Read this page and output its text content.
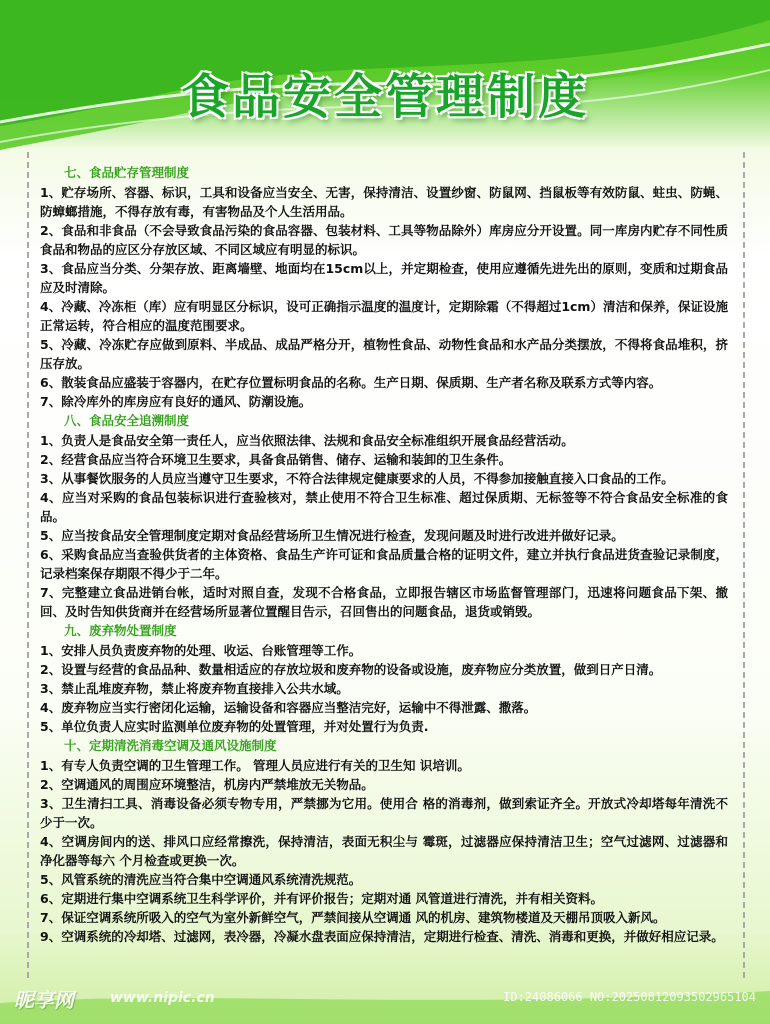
食品安全管理制度

七、食品贮存管理制度

1、贮存场所、容器、标识，工具和设备应当安全、无害，保持清洁、设置纱窗、防鼠网、挡鼠板等有效防鼠、蛀虫、防蝇、防蟑螂措施，不得存放有毒，有害物品及个人生活用品。

2、食品和非食品（不会导致食品污染的食品容器、包装材料、工具等物品除外）库房应分开设置。同一库房内贮存不同性质食品和物品的应区分存放区域、不同区域应有明显的标识。

3、食品应当分类、分架存放、距离墙壁、地面均在15cm以上，并定期检查，使用应遵循先进先出的原则，变质和过期食品应及时清除。

4、冷藏、冷冻柜（库）应有明显区分标识，设可正确指示温度的温度计，定期除霜（不得超过1cm）清洁和保养，保证设施正常运转，符合相应的温度范围要求。

5、冷藏、冷冻贮存应做到原料、半成品、成品严格分开，植物性食品、动物性食品和水产品分类摆放，不得将食品堆积，挤压存放。

6、散装食品应盛装于容器内，在贮存位置标明食品的名称。生产日期、保质期、生产者名称及联系方式等内容。

7、除冷库外的库房应有良好的通风、防潮设施。

八、食品安全追溯制度

1、负责人是食品安全第一责任人，应当依照法律、法规和食品安全标准组织开展食品经营活动。

2、经营食品应当符合环境卫生要求，具备食品销售、储存、运输和装卸的卫生条件。

3、从事餐饮服务的人员应当遵守卫生要求，不符合法律规定健康要求的人员，不得参加接触直接入口食品的工作。

4、应当对采购的食品包装标识进行查验核对，禁止使用不符合卫生标准、超过保质期、无标签等不符合食品安全标准的食品。

5、应当按食品安全管理制度定期对食品经营场所卫生情况进行检查，发现问题及时进行改进并做好记录。

6、采购食品应当查验供货者的主体资格、食品生产许可证和食品质量合格的证明文件，建立并执行食品进货查验记录制度，记录档案保存期限不得少于二年。

7、完整建立食品进销台帐，适时对照自查，发现不合格食品，立即报告辖区市场监督管理部门，迅速将问题食品下架、撤回、及时告知供货商并在经营场所显著位置醒目告示，召回售出的问题食品，退货或销毁。

九、废弃物处置制度

1、安排人员负责废弃物的处理、收运、台账管理等工作。

2、设置与经营的食品品种、数量相适应的存放垃圾和废弃物的设备或设施，废弃物应分类放置，做到日产日清。

3、禁止乱堆废弃物，禁止将废弃物直接排入公共水域。

4、废弃物应当实行密闭化运输，运输设备和容器应当整洁完好，运输中不得泄露、撒落。

5、单位负责人应实时监测单位废弃物的处置管理，并对处置行为负责.

十、定期清洗消毒空调及通风设施制度

1、有专人负责空调的卫生管理工作。 管理人员应进行有关的卫生知 识培训。

2、空调通风的周围应环境整洁，机房内严禁堆放无关物品。

3、卫生清扫工具、消毒设备必须专物专用，严禁挪为它用。使用合 格的消毒剂，做到索证齐全。开放式冷却塔每年清洗不少于一次。

4、空调房间内的送、排风口应经常擦洗，保持清洁，表面无积尘与 霉斑，过滤器应保持清洁卫生；空气过滤网、过滤器和净化器等每六 个月检查或更换一次。

5、风管系统的清洗应当符合集中空调通风系统清洗规范。

6、定期进行集中空调系统卫生科学评价，并有评价报告；定期对通 风管道进行清洗，并有相关资料。

7、保证空调系统所吸入的空气为室外新鲜空气，严禁间接从空调通 风的机房、建筑物楼道及天棚吊顶吸入新风。

9、空调系统的冷却塔、过滤网，表冷器，冷凝水盘表面应保持清洁，定期进行检查、清洗、消毒和更换，并做好相应记录。

昵享网	www.nipic.cn	ID:24086066 NO:20250812093502965104
